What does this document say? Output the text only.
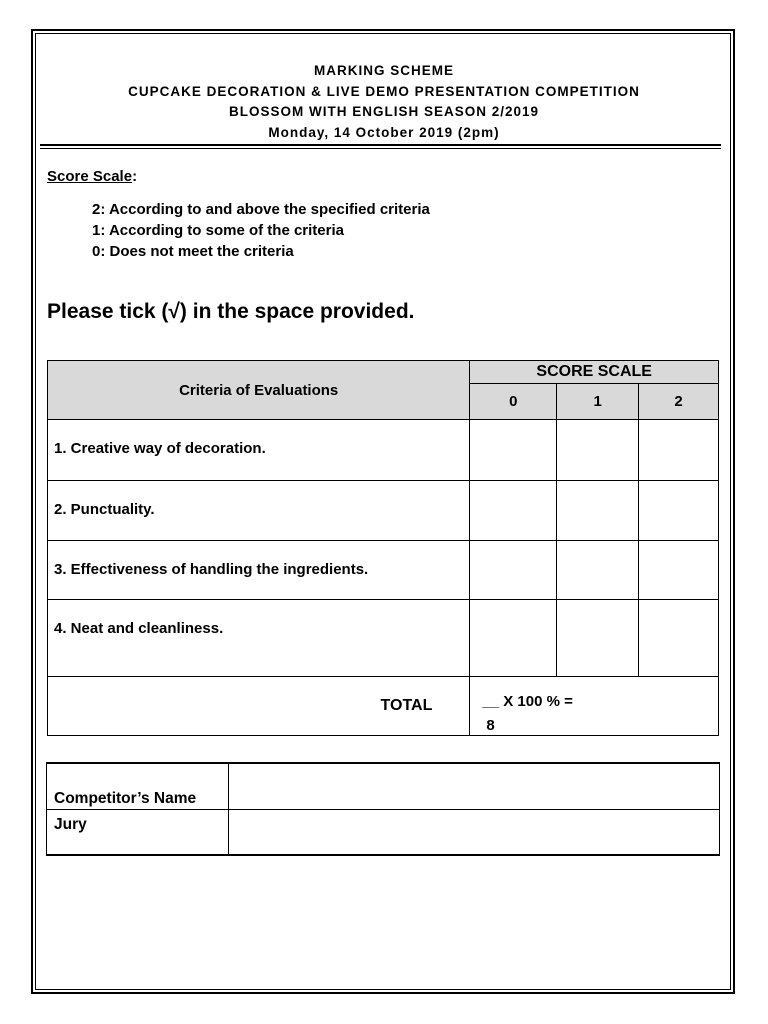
MARKING SCHEME
CUPCAKE DECORATION & LIVE DEMO PRESENTATION COMPETITION
BLOSSOM WITH ENGLISH SEASON 2/2019
Monday, 14 October 2019 (2pm)
Score Scale:
2: According to and above the specified criteria
1: According to some of the criteria
0: Does not meet the criteria
Please tick (√) in the space provided.
Criteria of Evaluations	SCORE SCALE		
	0	1	2

1. Creative way of decoration.			

2. Punctuality.			

3. Effectiveness of handling the ingredients.			

4. Neat and cleanliness.			

TOTAL	__ X 100 % =
8		
Competitor’s Name	
Jury	
